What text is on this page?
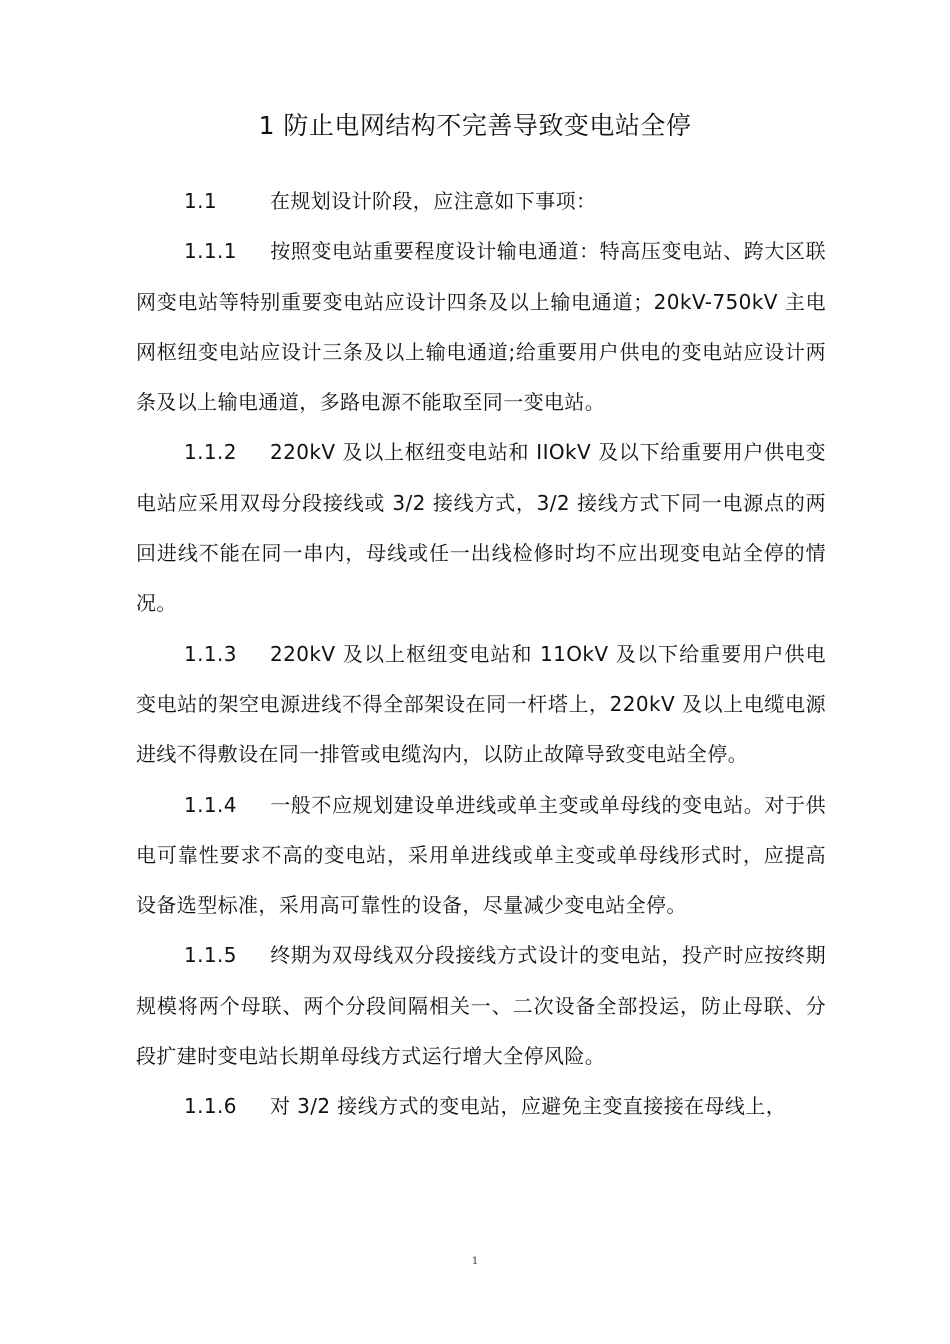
1 防止电网结构不完善导致变电站全停

1.1	在规划设计阶段，应注意如下事项：

1.1.1 按照变电站重要程度设计输电通道：特高压变电站、跨大区联网变电站等特别重要变电站应设计四条及以上输电通道；20kV-750kV 主电网枢纽变电站应设计三条及以上输电通道;给重要用户供电的变电站应设计两条及以上输电通道，多路电源不能取至同一变电站。

1.1.2 220kV 及以上枢纽变电站和 IIOkV 及以下给重要用户供电变电站应采用双母分段接线或 3/2 接线方式，3/2 接线方式下同一电源点的两回进线不能在同一串内，母线或任一出线检修时均不应出现变电站全停的情况。

1.1.3 220kV 及以上枢纽变电站和 11OkV 及以下给重要用户供电变电站的架空电源进线不得全部架设在同一杆塔上，220kV 及以上电缆电源进线不得敷设在同一排管或电缆沟内，以防止故障导致变电站全停。

1.1.4 一般不应规划建设单进线或单主变或单母线的变电站。对于供电可靠性要求不高的变电站，采用单进线或单主变或单母线形式时，应提高设备选型标准，采用高可靠性的设备，尽量减少变电站全停。

1.1.5 终期为双母线双分段接线方式设计的变电站，投产时应按终期规模将两个母联、两个分段间隔相关一、二次设备全部投运，防止母联、分段扩建时变电站长期单母线方式运行增大全停风险。

1.1.6 对 3/2 接线方式的变电站，应避免主变直接接在母线上，

1
